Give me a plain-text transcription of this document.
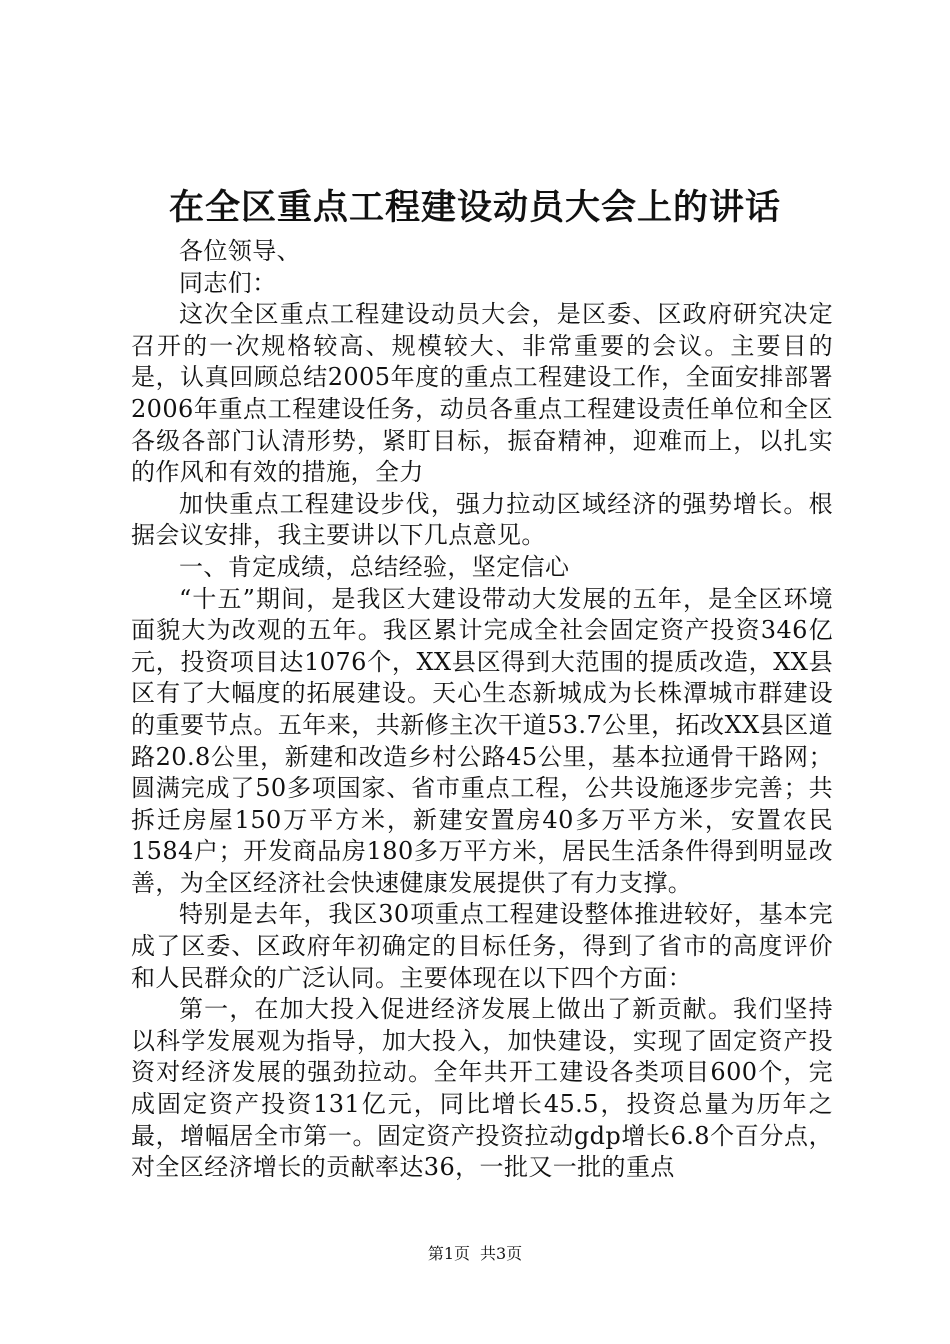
在全区重点工程建设动员大会上的讲话

各位领导、

同志们：

这次全区重点工程建设动员大会，是区委、区政府研究决定召开的一次规格较高、规模较大、非常重要的会议。主要目的是，认真回顾总结2005年度的重点工程建设工作，全面安排部署2006年重点工程建设任务，动员各重点工程建设责任单位和全区各级各部门认清形势，紧盯目标，振奋精神，迎难而上，以扎实的作风和有效的措施，全力

加快重点工程建设步伐，强力拉动区域经济的强势增长。根据会议安排，我主要讲以下几点意见。

一、肯定成绩，总结经验，坚定信心

“十五”期间，是我区大建设带动大发展的五年，是全区环境面貌大为改观的五年。我区累计完成全社会固定资产投资346亿元，投资项目达1076个，XX县区得到大范围的提质改造，XX县区有了大幅度的拓展建设。天心生态新城成为长株潭城市群建设的重要节点。五年来，共新修主次干道53.7公里，拓改XX县区道路20.8公里，新建和改造乡村公路45公里，基本拉通骨干路网；圆满完成了50多项国家、省市重点工程，公共设施逐步完善；共拆迁房屋150万平方米，新建安置房40多万平方米，安置农民1584户；开发商品房180多万平方米，居民生活条件得到明显改善，为全区经济社会快速健康发展提供了有力支撑。

特别是去年，我区30项重点工程建设整体推进较好，基本完成了区委、区政府年初确定的目标任务，得到了省市的高度评价和人民群众的广泛认同。主要体现在以下四个方面：

第一，在加大投入促进经济发展上做出了新贡献。我们坚持以科学发展观为指导，加大投入，加快建设，实现了固定资产投资对经济发展的强劲拉动。全年共开工建设各类项目600个，完成固定资产投资131亿元，同比增长45.5，投资总量为历年之最，增幅居全市第一。固定资产投资拉动gdp增长6.8个百分点，对全区经济增长的贡献率达36，一批又一批的重点

第1页 共3页
